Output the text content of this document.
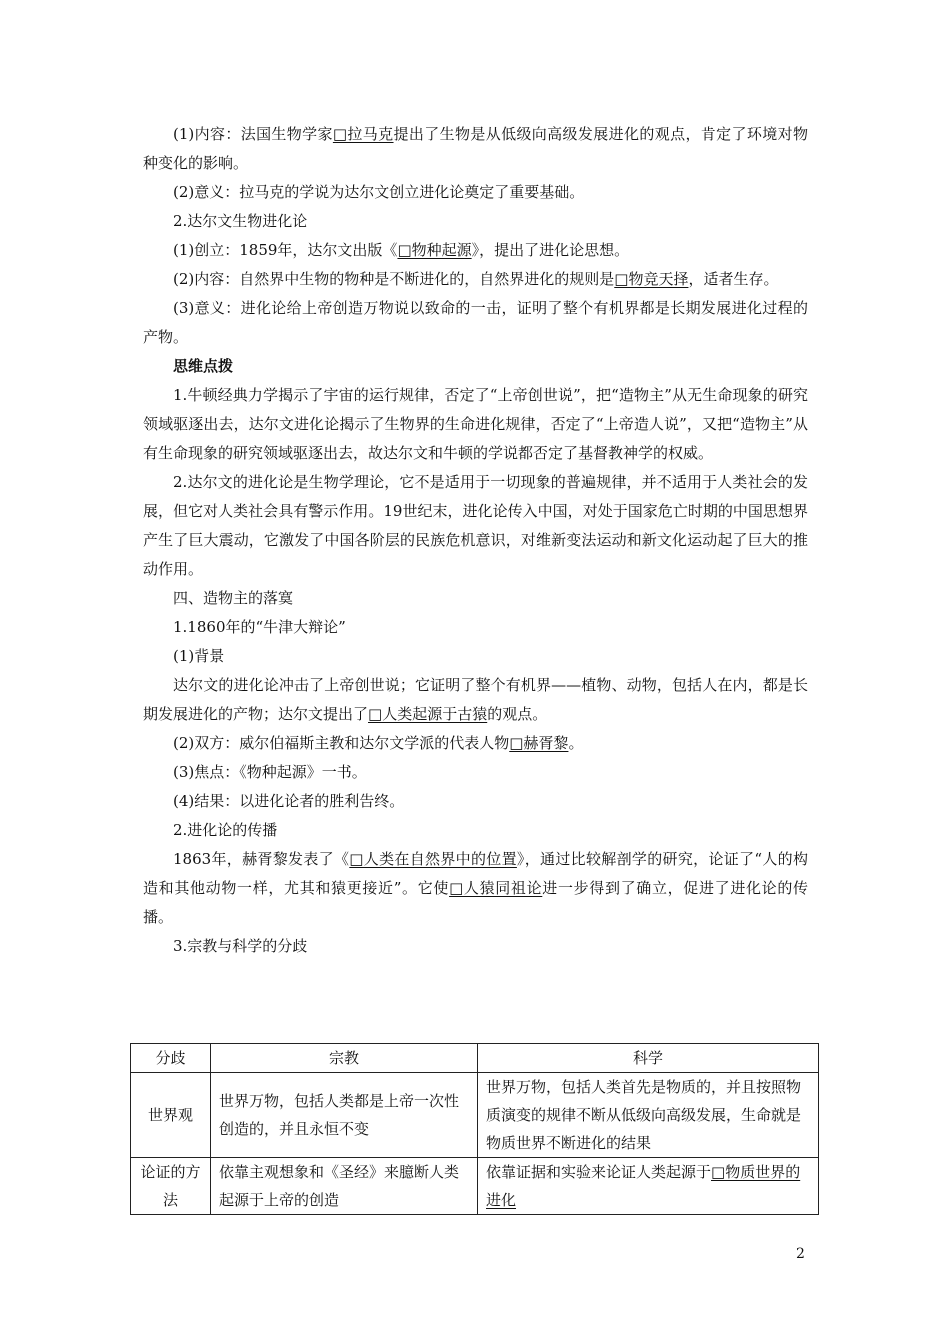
(1)内容：法国生物学家□拉马克提出了生物是从低级向高级发展进化的观点，肯定了环境对物种变化的影响。

(2)意义：拉马克的学说为达尔文创立进化论奠定了重要基础。

2.达尔文生物进化论

(1)创立：1859年，达尔文出版《□物种起源》，提出了进化论思想。

(2)内容：自然界中生物的物种是不断进化的，自然界进化的规则是□物竞天择，适者生存。

(3)意义：进化论给上帝创造万物说以致命的一击，证明了整个有机界都是长期发展进化过程的产物。

思维点拨

1.牛顿经典力学揭示了宇宙的运行规律，否定了“上帝创世说”，把“造物主”从无生命现象的研究领域驱逐出去，达尔文进化论揭示了生物界的生命进化规律，否定了“上帝造人说”，又把“造物主”从有生命现象的研究领域驱逐出去，故达尔文和牛顿的学说都否定了基督教神学的权威。

2.达尔文的进化论是生物学理论，它不是适用于一切现象的普遍规律，并不适用于人类社会的发展，但它对人类社会具有警示作用。19世纪末，进化论传入中国，对处于国家危亡时期的中国思想界产生了巨大震动，它激发了中国各阶层的民族危机意识，对维新变法运动和新文化运动起了巨大的推动作用。

四、造物主的落寞

1.1860年的“牛津大辩论”

(1)背景

达尔文的进化论冲击了上帝创世说；它证明了整个有机界——植物、动物，包括人在内，都是长期发展进化的产物；达尔文提出了□人类起源于古猿的观点。

(2)双方：威尔伯福斯主教和达尔文学派的代表人物□赫胥黎。

(3)焦点：《物种起源》一书。

(4)结果：以进化论者的胜利告终。

2.进化论的传播

1863年，赫胥黎发表了《□人类在自然界中的位置》，通过比较解剖学的研究，论证了“人的构造和其他动物一样，尤其和猿更接近”。它使□人猿同祖论进一步得到了确立，促进了进化论的传播。

3.宗教与科学的分歧

分歧	宗教	科学
世界观	世界万物，包括人类都是上帝一次性创造的，并且永恒不变	世界万物，包括人类首先是物质的，并且按照物质演变的规律不断从低级向高级发展，生命就是物质世界不断进化的结果
论证的方法	依靠主观想象和《圣经》来臆断人类起源于上帝的创造	依靠证据和实验来论证人类起源于□物质世界的进化
2
